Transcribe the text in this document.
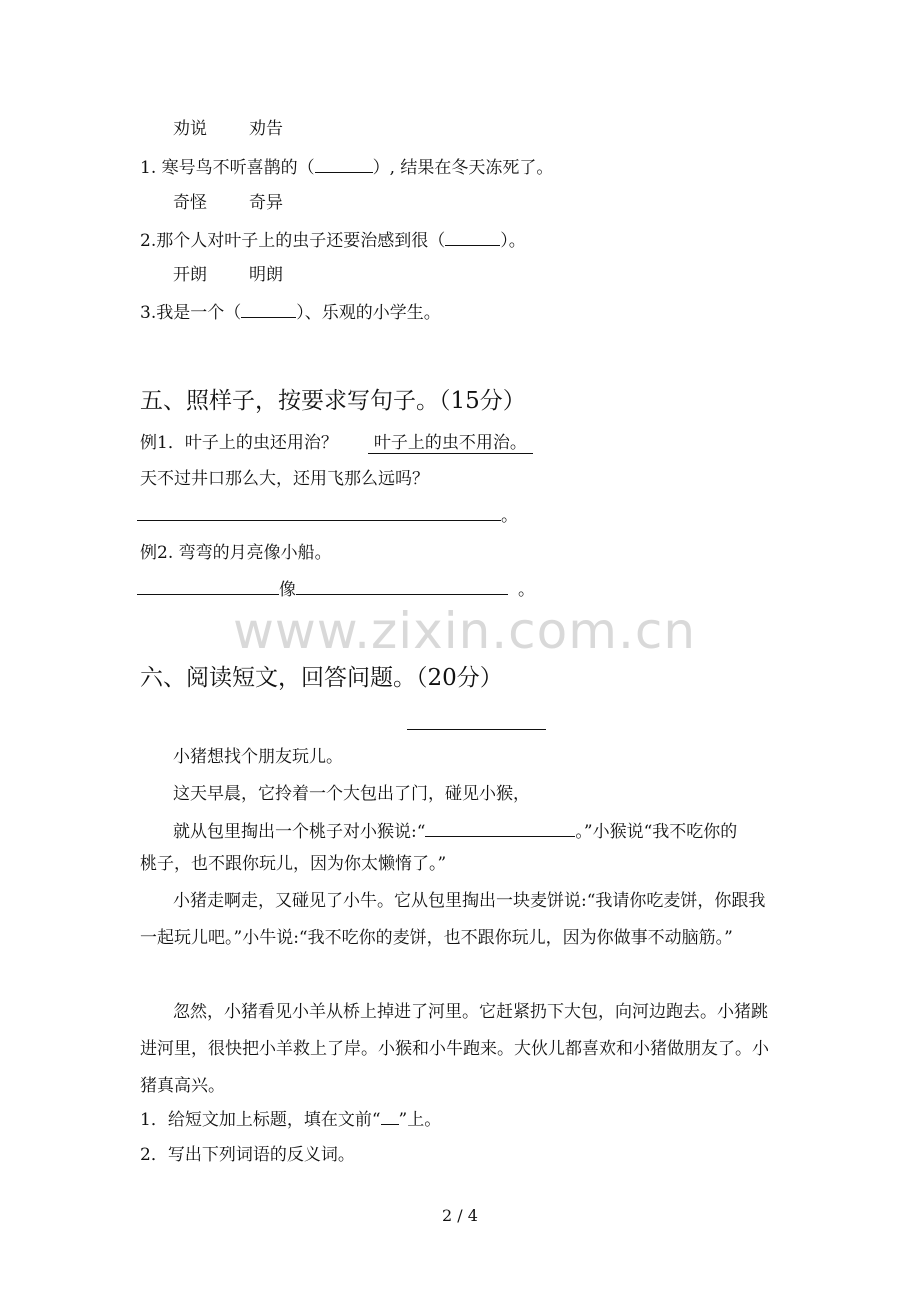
劝说 劝告
1. 寒号鸟不听喜鹊的（	）, 结果在冬天冻死了。
奇怪 奇异
2.那个人对叶子上的虫子还要治感到很（	）。
开朗 明朗
3.我是一个（	）、乐观的小学生。
五、照样子，按要求写句子。（15分）
例1．叶子上的虫还用治？ 叶子上的虫不用治。
天不过井口那么大，还用飞那么远吗？
。
例2. 弯弯的月亮像小船。
像	。
www.zixin.com.cn
六、阅读短文，回答问题。（20分）
小猪想找个朋友玩儿。
这天早晨，它拎着一个大包出了门，碰见小猴，
就从包里掏出一个桃子对小猴说:“	。”小猴说“我不吃你的
桃子，也不跟你玩儿，因为你太懒惰了。”
小猪走啊走，又碰见了小牛。它从包里掏出一块麦饼说:“我请你吃麦饼，你跟我一起玩儿吧。”小牛说:“我不吃你的麦饼，也不跟你玩儿，因为你做事不动脑筋。”
忽然，小猪看见小羊从桥上掉进了河里。它赶紧扔下大包，向河边跑去。小猪跳进河里，很快把小羊救上了岸。小猴和小牛跑来。大伙儿都喜欢和小猪做朋友了。小猪真高兴。
1．给短文加上标题，填在文前“ ”上。
2．写出下列词语的反义词。
2 / 4
